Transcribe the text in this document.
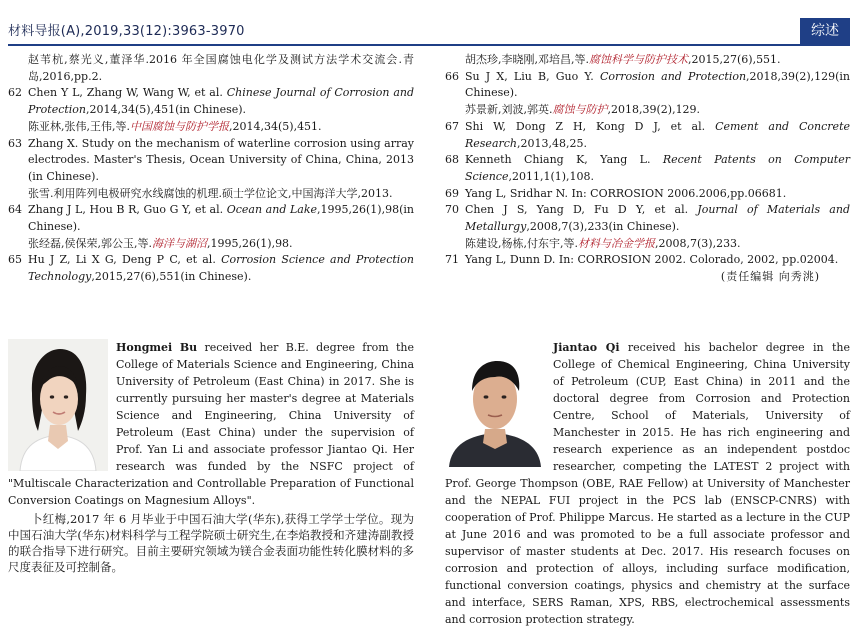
材料导报(A),2019,33(12):3963-3970	综述
赵苇杭,蔡光义,董泽华.2016 年全国腐蚀电化学及测试方法学术交流会.青岛,2016,pp.2.
62 Chen Y L, Zhang W, Wang W, et al. Chinese Journal of Corrosion and Protection,2014,34(5),451(in Chinese).
陈亚林,张伟,王伟,等.中国腐蚀与防护学报,2014,34(5),451.
63 Zhang X. Study on the mechanism of waterline corrosion using array electrodes. Master's Thesis, Ocean University of China, China, 2013 (in Chinese).
张雪.利用阵列电极研究水线腐蚀的机理.硕士学位论文,中国海洋大学,2013.
64 Zhang J L, Hou B R, Guo G Y, et al. Ocean and Lake,1995,26(1),98(in Chinese).
张经磊,侯保荣,郭公玉,等.海洋与湖沼,1995,26(1),98.
65 Hu J Z, Li X G, Deng P C, et al. Corrosion Science and Protection Technology,2015,27(6),551(in Chinese).
胡杰珍,李晓刚,邓培昌,等.腐蚀科学与防护技术,2015,27(6),551.
66 Su J X, Liu B, Guo Y. Corrosion and Protection,2018,39(2),129(in Chinese).
苏景新,刘波,郭英.腐蚀与防护,2018,39(2),129.
67 Shi W, Dong Z H, Kong D J, et al. Cement and Concrete Research,2013,48,25.
68 Kenneth Chiang K, Yang L. Recent Patents on Computer Science,2011,1(1),108.
69 Yang L, Sridhar N. In: CORROSION 2006.2006,pp.06681.
70 Chen J S, Yang D, Fu D Y, et al. Journal of Materials and Metallurgy,2008,7(3),233(in Chinese).
陈建设,杨栋,付东宇,等.材料与冶金学报,2008,7(3),233.
71 Yang L, Dunn D. In: CORROSION 2002. Colorado, 2002, pp.02004.
(责任编辑 向秀洮)
Hongmei Bu received her B.E. degree from the College of Materials Science and Engineering, China University of Petroleum (East China) in 2017. She is currently pursuing her master's degree at Materials Science and Engineering, China University of Petroleum (East China) under the supervision of Prof. Yan Li and associate professor Jiantao Qi. Her research was funded by the NSFC project of "Multiscale Characterization and Controllable Preparation of Functional Conversion Coatings on Magnesium Alloys".

卜红梅,2017 年 6 月毕业于中国石油大学(华东),获得工学学士学位。现为中国石油大学(华东)材料科学与工程学院硕士研究生,在李焰教授和齐建涛副教授的联合指导下进行研究。目前主要研究领域为镁合金表面功能性转化膜材料的多尺度表征及可控制备。

Jiantao Qi received his bachelor degree in the College of Chemical Engineering, China University of Petroleum (CUP, East China) in 2011 and the doctoral degree from Corrosion and Protection Centre, School of Materials, University of Manchester in 2015. He has rich engineering and research experience as an independent postdoc researcher, competing the LATEST 2 project with Prof. George Thompson (OBE, RAE Fellow) at University of Manchester and the NEPAL FUI project in the PCS lab (ENSCP-CNRS) with cooperation of Prof. Philippe Marcus. He started as a lecture in the CUP at June 2016 and was promoted to be a full associate professor and supervisor of master students at Dec. 2017. His research focuses on corrosion and protection of alloys, including surface modification, functional conversion coatings, physics and chemistry at the surface and interface, SERS Raman, XPS, RBS, electrochemical assessments and corrosion protection strategy.
